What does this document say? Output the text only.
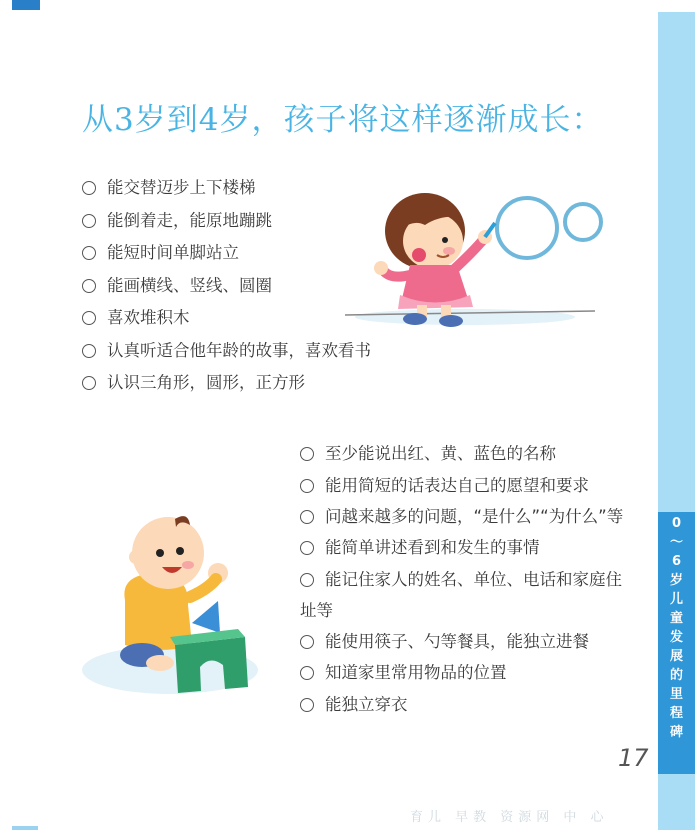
0
～
6
岁
儿
童
发
展
的
里
程
碑
从3岁到4岁，孩子将这样逐渐成长：
能交替迈步上下楼梯
能倒着走，能原地蹦跳
能短时间单脚站立
能画横线、竖线、圆圈
喜欢堆积木
认真听适合他年龄的故事，喜欢看书
认识三角形，圆形，正方形
至少能说出红、黄、蓝色的名称
能用简短的话表达自己的愿望和要求
问越来越多的问题，“是什么”“为什么”等
能简单讲述看到和发生的事情
能记住家人的姓名、单位、电话和家庭住址等
能使用筷子、勺等餐具，能独立进餐
知道家里常用物品的位置
能独立穿衣
17
育儿 早教 资源网 中 心
